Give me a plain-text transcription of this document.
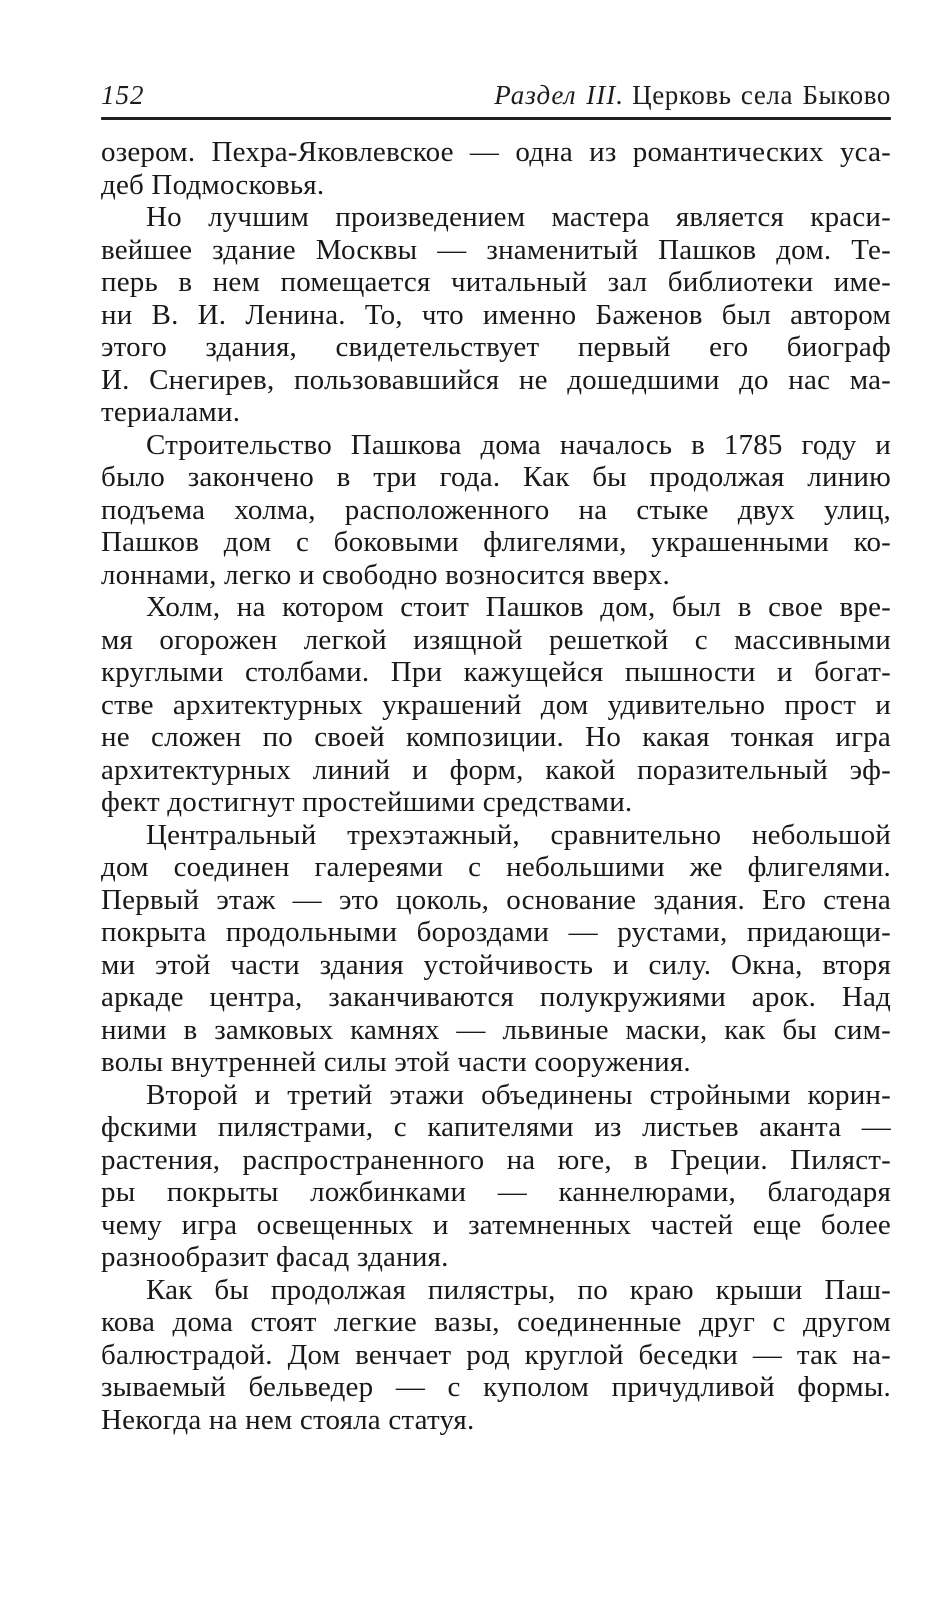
152	Раздел III. Церковь села Быково
озером. Пехра-Яковлевское — одна из романтических уса-
деб Подмосковья.
Но лучшим произведением мастера является краси-
вейшее здание Москвы — знаменитый Пашков дом. Те-
перь в нем помещается читальный зал библиотеки име-
ни В. И. Ленина. То, что именно Баженов был автором
этого здания, свидетельствует первый его биограф
И. Снегирев, пользовавшийся не дошедшими до нас ма-
териалами.
Строительство Пашкова дома началось в 1785 году и
было закончено в три года. Как бы продолжая линию
подъема холма, расположенного на стыке двух улиц,
Пашков дом с боковыми флигелями, украшенными ко-
лоннами, легко и свободно возносится вверх.
Холм, на котором стоит Пашков дом, был в свое вре-
мя огорожен легкой изящной решеткой с массивными
круглыми столбами. При кажущейся пышности и богат-
стве архитектурных украшений дом удивительно прост и
не сложен по своей композиции. Но какая тонкая игра
архитектурных линий и форм, какой поразительный эф-
фект достигнут простейшими средствами.
Центральный трехэтажный, сравнительно небольшой
дом соединен галереями с небольшими же флигелями.
Первый этаж — это цоколь, основание здания. Его стена
покрыта продольными бороздами — рустами, придающи-
ми этой части здания устойчивость и силу. Окна, вторя
аркаде центра, заканчиваются полукружиями арок. Над
ними в замковых камнях — львиные маски, как бы сим-
волы внутренней силы этой части сооружения.
Второй и третий этажи объединены стройными корин-
фскими пилястрами, с капителями из листьев аканта —
растения, распространенного на юге, в Греции. Пиляст-
ры покрыты ложбинками — каннелюрами, благодаря
чему игра освещенных и затемненных частей еще более
разнообразит фасад здания.
Как бы продолжая пилястры, по краю крыши Паш-
кова дома стоят легкие вазы, соединенные друг с другом
балюстрадой. Дом венчает род круглой беседки — так на-
зываемый бельведер — с куполом причудливой формы.
Некогда на нем стояла статуя.
